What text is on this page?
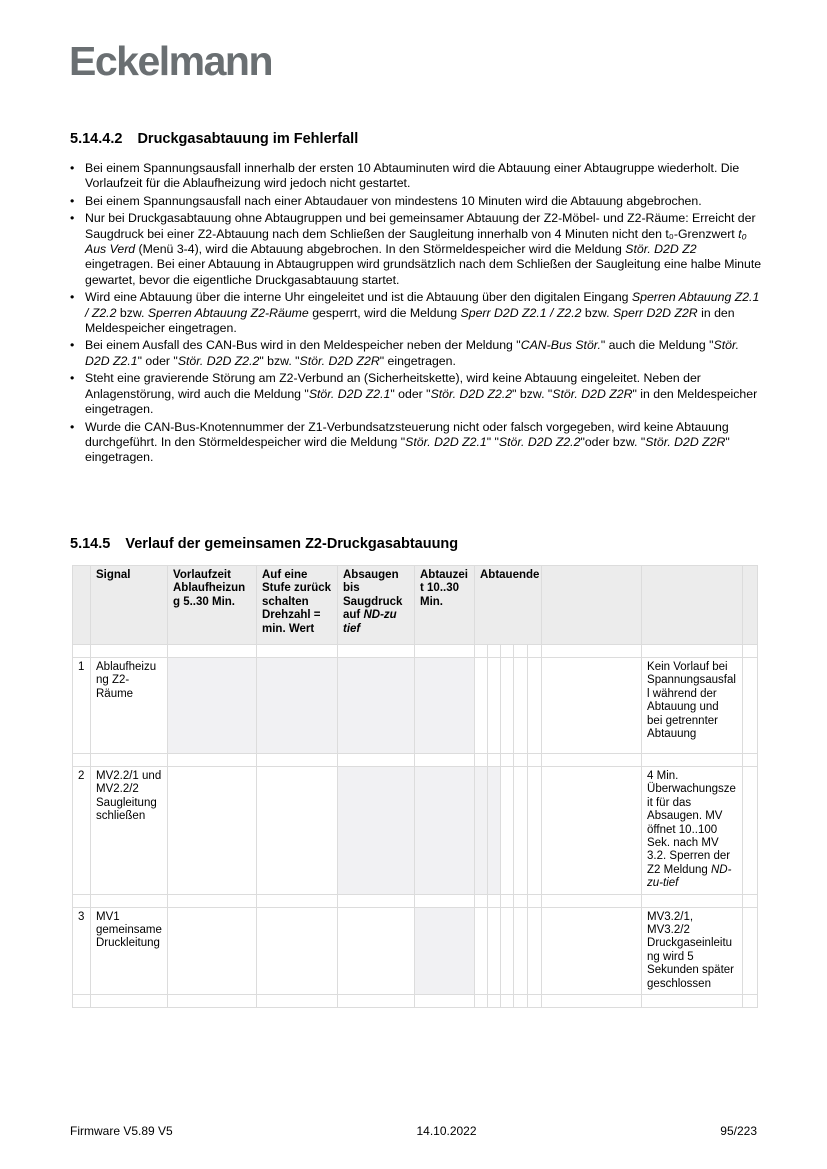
Eckelmann
5.14.4.2 Druckgasabtauung im Fehlerfall
• Bei einem Spannungsausfall innerhalb der ersten 10 Abtauminuten wird die Abtauung einer Abtaugruppe wiederholt. Die Vorlaufzeit für die Ablaufheizung wird jedoch nicht gestartet.
• Bei einem Spannungsausfall nach einer Abtaudauer von mindestens 10 Minuten wird die Abtauung abgebrochen.
• Nur bei Druckgasabtauung ohne Abtaugruppen und bei gemeinsamer Abtauung der Z2-Möbel- und Z2-Räume: Erreicht der Saugdruck bei einer Z2-Abtauung nach dem Schließen der Saugleitung innerhalb von 4 Minuten nicht den t₀-Grenzwert t₀ Aus Verd (Menü 3-4), wird die Abtauung abgebrochen. In den Störmeldespeicher wird die Meldung Stör. D2D Z2 eingetragen. Bei einer Abtauung in Abtaugruppen wird grundsätzlich nach dem Schließen der Saugleitung eine halbe Minute gewartet, bevor die eigentliche Druckgasabtauung startet.
• Wird eine Abtauung über die interne Uhr eingeleitet und ist die Abtauung über den digitalen Eingang Sperren Abtauung Z2.1 / Z2.2 bzw. Sperren Abtauung Z2-Räume gesperrt, wird die Meldung Sperr D2D Z2.1 / Z2.2 bzw. Sperr D2D Z2R in den Meldespeicher eingetragen.
• Bei einem Ausfall des CAN-Bus wird in den Meldespeicher neben der Meldung "CAN-Bus Stör." auch die Meldung "Stör. D2D Z2.1" oder "Stör. D2D Z2.2" bzw. "Stör. D2D Z2R" eingetragen.
• Steht eine gravierende Störung am Z2-Verbund an (Sicherheitskette), wird keine Abtauung eingeleitet. Neben der Anlagenstörung, wird auch die Meldung "Stör. D2D Z2.1" oder "Stör. D2D Z2.2" bzw. "Stör. D2D Z2R" in den Meldespeicher eingetragen.
• Wurde die CAN-Bus-Knotennummer der Z1-Verbundsatzsteuerung nicht oder falsch vorgegeben, wird keine Abtauung durchgeführt. In den Störmeldespeicher wird die Meldung "Stör. D2D Z2.1" "Stör. D2D Z2.2"oder bzw. "Stör. D2D Z2R" eingetragen.
5.14.5 Verlauf der gemeinsamen Z2-Druckgasabtauung
	Signal	Vorlaufzeit Ablaufheizung 5..30 Min.	Auf eine Stufe zurück schalten Drehzahl = min. Wert	Absaugen bis Saugdruck auf ND-zu tief	Abtauzeit 10..30 Min.	Abtauende							

1	Ablaufheizung Z2-Räume											Kein Vorlauf bei Spannungsausfall während der Abtauung und bei getrennter Abtauung	

2	MV2.2/1 und MV2.2/2 Saugleitung schließen											4 Min. Überwachungszeit für das Absaugen. MV öffnet 10..100 Sek. nach MV 3.2. Sperren der Z2 Meldung ND-zu-tief	

3	MV1 gemeinsame Druckleitung											MV3.2/1, MV3.2/2 Druckgaseinleitung wird 5 Sekunden später geschlossen	

Firmware V5.89 V5	14.10.2022	95/223
